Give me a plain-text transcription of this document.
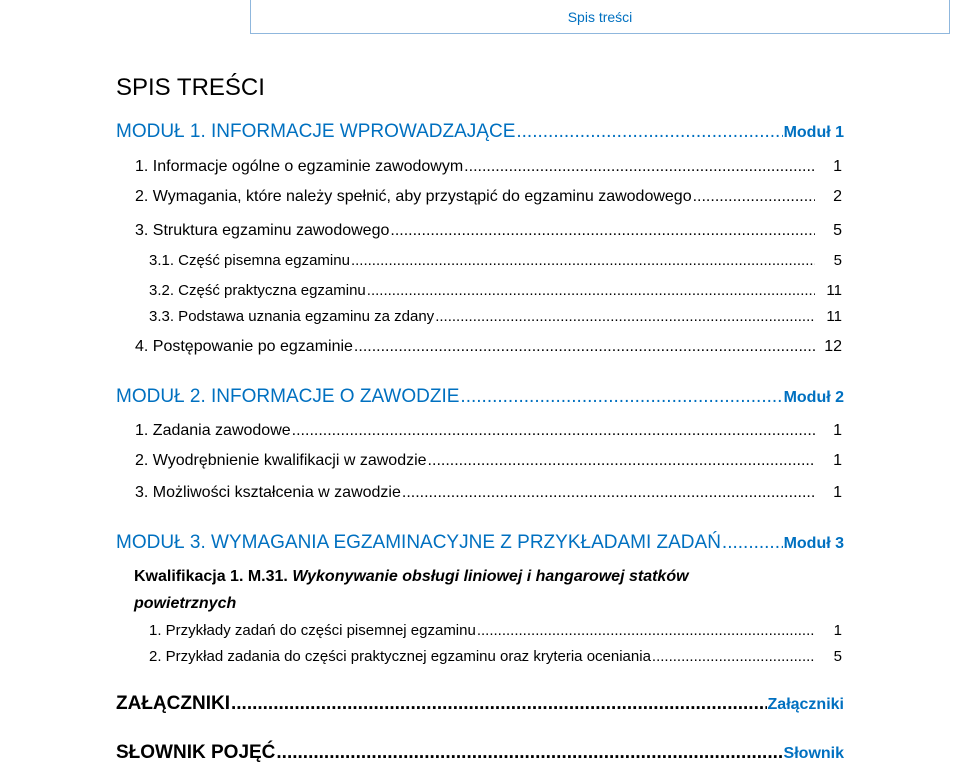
Spis treści
SPIS TREŚCI
MODUŁ 1. INFORMACJE WPROWADZAJĄCE .....	Moduł 1
1. Informacje ogólne o egzaminie zawodowym .....	1
2. Wymagania, które należy spełnić, aby przystąpić do egzaminu zawodowego .....	2
3. Struktura egzaminu zawodowego .....	5
3.1. Część pisemna egzaminu .....	5
3.2. Część praktyczna egzaminu .....	11
3.3. Podstawa uznania egzaminu za zdany .....	11
4. Postępowanie po egzaminie .....	12
MODUŁ 2. INFORMACJE O ZAWODZIE .....	Moduł 2
1. Zadania zawodowe .....	1
2. Wyodrębnienie kwalifikacji w zawodzie .....	1
3. Możliwości kształcenia w zawodzie .....	1
MODUŁ 3. WYMAGANIA EGZAMINACYJNE Z PRZYKŁADAMI ZADAŃ .....	Moduł 3

Kwalifikacja 1. M.31. Wykonywanie obsługi liniowej i hangarowej statków

powietrznych

1. Przykłady zadań do części pisemnej egzaminu .....	1
2. Przykład zadania do części praktycznej egzaminu oraz kryteria oceniania .....	5
ZAŁĄCZNIKI .....	Załączniki
SŁOWNIK POJĘĆ .....	Słownik
